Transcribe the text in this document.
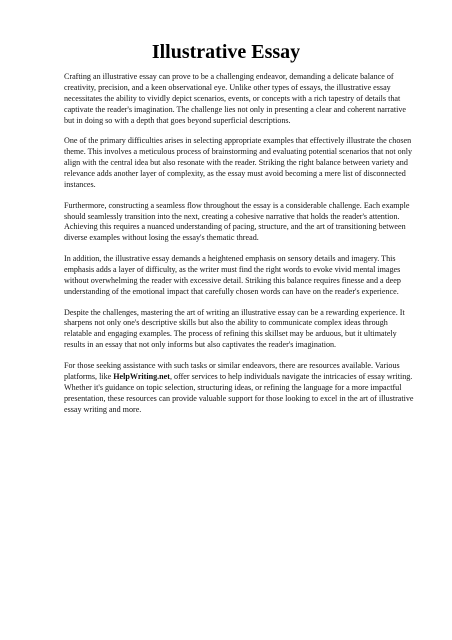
Illustrative Essay

Crafting an illustrative essay can prove to be a challenging endeavor, demanding a delicate balance of creativity, precision, and a keen observational eye. Unlike other types of essays, the illustrative essay necessitates the ability to vividly depict scenarios, events, or concepts with a rich tapestry of details that captivate the reader's imagination. The challenge lies not only in presenting a clear and coherent narrative but in doing so with a depth that goes beyond superficial descriptions.

One of the primary difficulties arises in selecting appropriate examples that effectively illustrate the chosen theme. This involves a meticulous process of brainstorming and evaluating potential scenarios that not only align with the central idea but also resonate with the reader. Striking the right balance between variety and relevance adds another layer of complexity, as the essay must avoid becoming a mere list of disconnected instances.

Furthermore, constructing a seamless flow throughout the essay is a considerable challenge. Each example should seamlessly transition into the next, creating a cohesive narrative that holds the reader's attention. Achieving this requires a nuanced understanding of pacing, structure, and the art of transitioning between diverse examples without losing the essay's thematic thread.

In addition, the illustrative essay demands a heightened emphasis on sensory details and imagery. This emphasis adds a layer of difficulty, as the writer must find the right words to evoke vivid mental images without overwhelming the reader with excessive detail. Striking this balance requires finesse and a deep understanding of the emotional impact that carefully chosen words can have on the reader's experience.

Despite the challenges, mastering the art of writing an illustrative essay can be a rewarding experience. It sharpens not only one's descriptive skills but also the ability to communicate complex ideas through relatable and engaging examples. The process of refining this skillset may be arduous, but it ultimately results in an essay that not only informs but also captivates the reader's imagination.

For those seeking assistance with such tasks or similar endeavors, there are resources available. Various platforms, like HelpWriting.net, offer services to help individuals navigate the intricacies of essay writing. Whether it's guidance on topic selection, structuring ideas, or refining the language for a more impactful presentation, these resources can provide valuable support for those looking to excel in the art of illustrative essay writing and more.
